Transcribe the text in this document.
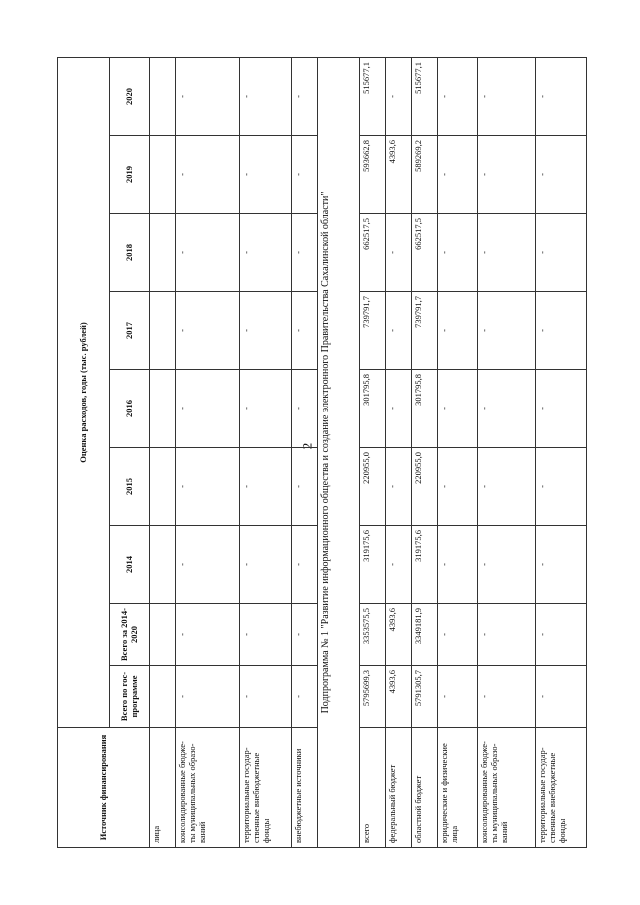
2
Источник финансирования	Оценка расходов, годы (тыс. рублей)								
	Всего по гос-программе	Всего за 2014-2020	2014	2015	2016	2017	2018	2019	2020
лица									
консолидированные бюдже-ты муниципальных образо-ваний	-	-	-	-	-	-	-	-	-
территориальные государ-ственные внебюджетные фонды	-	-	-	-	-	-	-	-	-
внебюджетные источники	-	-	-	-	-	-	-	-	-
Подпрограмма № 1 "Развитие информационного общества и создание электронного Правительства Сахалинской области"									
всего	5795699,3	3353575,5	319175,6	220955,0	301795,8	739791,7	662517,5	593662,8	515677,1
федеральный бюджет	4393,6	4393,6	-	-	-	-	-	4393,6	-
областной бюджет	5791305,7	3349181,9	319175,6	220955,0	301795,8	739791,7	662517,5	589269,2	515677,1
юридические и физические лица	-	-	-	-	-	-	-	-	-
консолидированные бюдже-ты муниципальных образо-ваний	-	-	-	-	-	-	-	-	-
территориальные государ-ственные внебюджетные фонды	-	-	-	-	-	-	-	-	-
